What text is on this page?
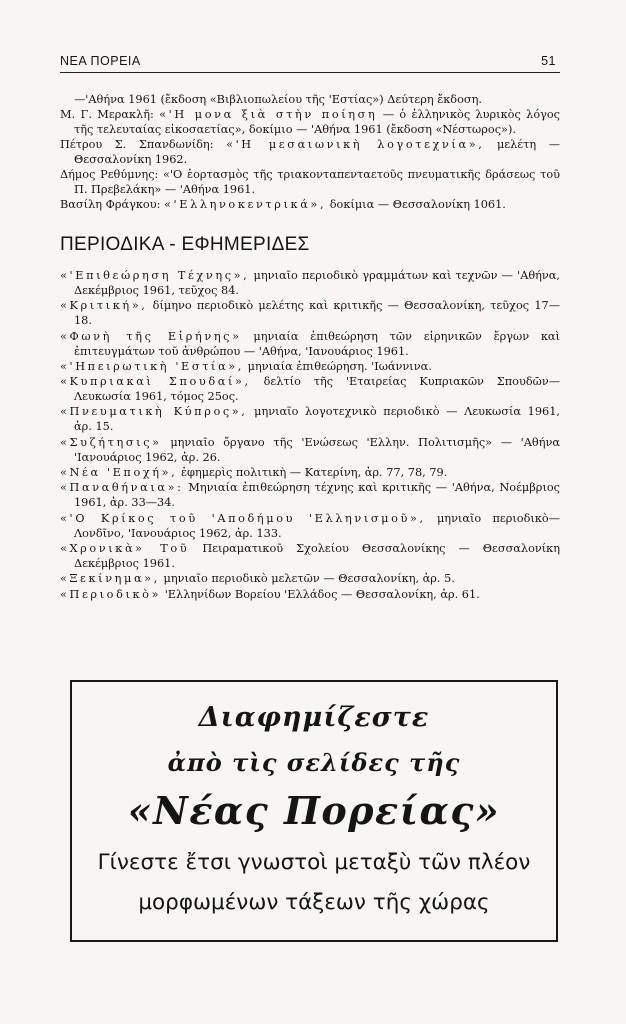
ΝΕΑ ΠΟΡΕΙΑ	51

—'Αθήνα 1961 (ἔκδοση «Βιβλιοπωλείου τῆς 'Εστίας») Δεύτερη ἔκδοση.

Μ. Γ. Μερακλῆ: «'Η μονα ξιὰ στὴν ποίηση — ὁ ἑλληνικὸς λυρικὸς λόγος τῆς τελευταίας εἰκοσαετίας», δοκίμιο — 'Αθήνα 1961 (ἔκδοση «Νέστωρος»).

Πέτρου Σ. Σπανδωνίδη: «'Η μεσαιωνικὴ λογοτεχνία», μελέτη — Θεσσαλονίκη 1962.

Δήμος Ρεθύμνης: «'Ο ἑορτασμὸς τῆς τριακονταπενταετοῦς πνευματικῆς δράσεως τοῦ Π. Πρεβελάκη» — 'Αθήνα 1961.

Βασίλη Φράγκου: «'Ελληνοκεντρικά», δοκίμια — Θεσσαλονίκη 1061.

ΠΕΡΙΟΔΙΚΑ - ΕΦΗΜΕΡΙΔΕΣ

«'Επιθεώρηση Τέχνης», μηνιαῖο περιοδικὸ γραμμάτων καὶ τεχνῶν — 'Αθήνα, Δεκέμβριος 1961, τεῦχος 84.

«Κριτική», δίμηνο περιοδικὸ μελέτης καὶ κριτικῆς — Θεσσαλονίκη, τεῦχος 17—18.

«Φωνὴ τῆς Εἰρήνης» μηνιαία ἐπιθεώρηση τῶν εἰρηνικῶν ἔργων καὶ ἐπιτευγμάτων τοῦ ἀνθρώπου — 'Αθήνα, 'Ιανουάριος 1961.

«'Ηπειρωτικὴ 'Εστία», μηνιαία ἐπιθεώρηση. 'Ιωάννινα.

«Κυπριακαὶ Σπουδαί», δελτίο τῆς 'Εταιρείας Κυπριακῶν Σπουδῶν—Λευκωσία 1961, τόμος 25ος.

«Πνευματικὴ Κύπρος», μηνιαῖο λογοτεχνικὸ περιοδικὸ — Λευκωσία 1961, ἀρ. 15.

«Συζήτησις» μηνιαῖο ὄργανο τῆς 'Ενώσεως 'Ελλην. Πολιτισμῆς» — 'Αθήνα 'Ιανουάριος 1962, ἀρ. 26.

«Νέα 'Εποχή», ἐφημερὶς πολιτικὴ — Κατερίνη, ἀρ. 77, 78, 79.

«Παναθήναια»: Μηνιαία ἐπιθεώρηση τέχνης καὶ κριτικῆς — 'Αθήνα, Νοέμβριος 1961, ἀρ. 33—34.

«'Ο Κρίκος τοῦ 'Αποδήμου 'Ελληνισμοῦ», μηνιαῖο περιοδικὸ—Λονδῖνο, 'Ιανουάριος 1962, ἀρ. 133.

«Χρονικὰ» Τοῦ Πειραματικοῦ Σχολείου Θεσσαλονίκης — Θεσσαλονίκη Δεκέμβριος 1961.

«Ξεκίνημα», μηνιαῖο περιοδικὸ μελετῶν — Θεσσαλονίκη, ἀρ. 5.

«Περιοδικὸ» 'Ελληνίδων Βορείου 'Ελλάδος — Θεσσαλονίκη, ἀρ. 61.

Διαφημίζεστε
ἀπὸ τὶς σελίδες τῆς
«Νέας Πορείας»
Γίνεστε ἔτσι γνωστοὶ μεταξὺ τῶν πλέον
μορφωμένων τάξεων τῆς χώρας
